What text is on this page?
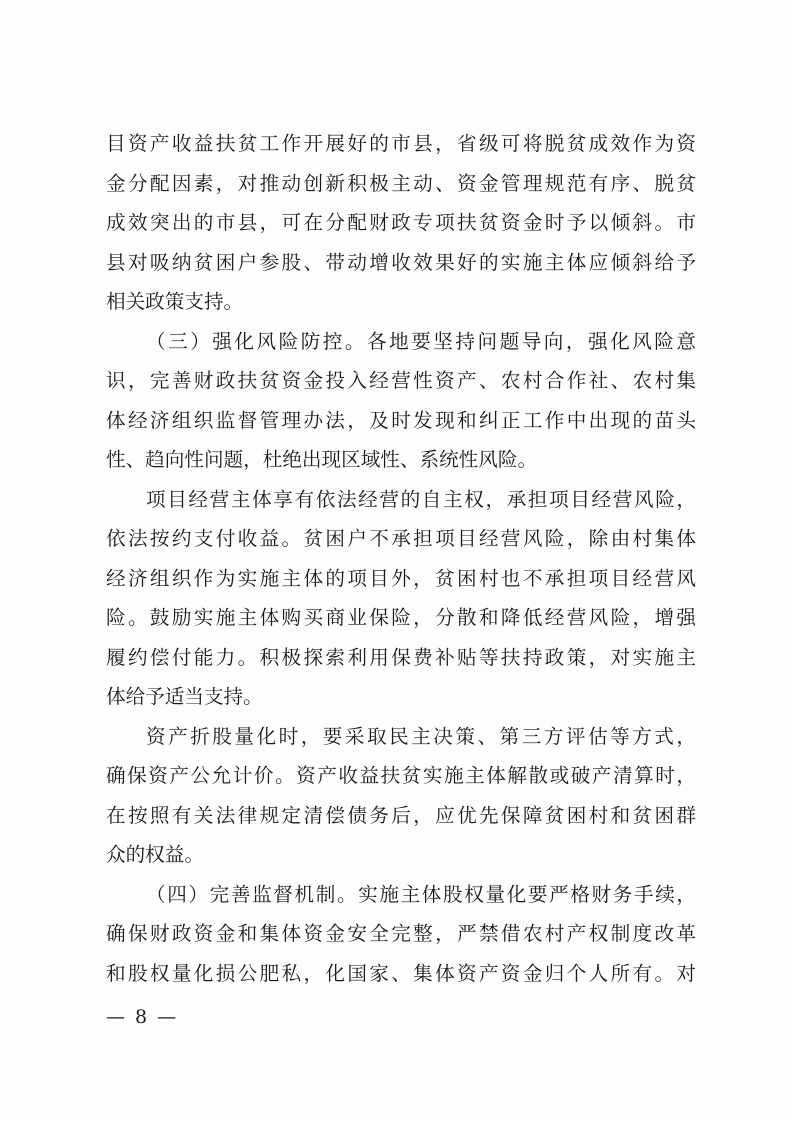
目资产收益扶贫工作开展好的市县，省级可将脱贫成效作为资
金分配因素，对推动创新积极主动、资金管理规范有序、脱贫
成效突出的市县，可在分配财政专项扶贫资金时予以倾斜。市
县对吸纳贫困户参股、带动增收效果好的实施主体应倾斜给予
相关政策支持。
（三）强化风险防控。各地要坚持问题导向，强化风险意
识，完善财政扶贫资金投入经营性资产、农村合作社、农村集
体经济组织监督管理办法，及时发现和纠正工作中出现的苗头
性、趋向性问题，杜绝出现区域性、系统性风险。
项目经营主体享有依法经营的自主权，承担项目经营风险，
依法按约支付收益。贫困户不承担项目经营风险，除由村集体
经济组织作为实施主体的项目外，贫困村也不承担项目经营风
险。鼓励实施主体购买商业保险，分散和降低经营风险，增强
履约偿付能力。积极探索利用保费补贴等扶持政策，对实施主
体给予适当支持。
资产折股量化时，要采取民主决策、第三方评估等方式，
确保资产公允计价。资产收益扶贫实施主体解散或破产清算时，
在按照有关法律规定清偿债务后，应优先保障贫困村和贫困群
众的权益。
（四）完善监督机制。实施主体股权量化要严格财务手续，
确保财政资金和集体资金安全完整，严禁借农村产权制度改革
和股权量化损公肥私，化国家、集体资产资金归个人所有。对
— 8 —
